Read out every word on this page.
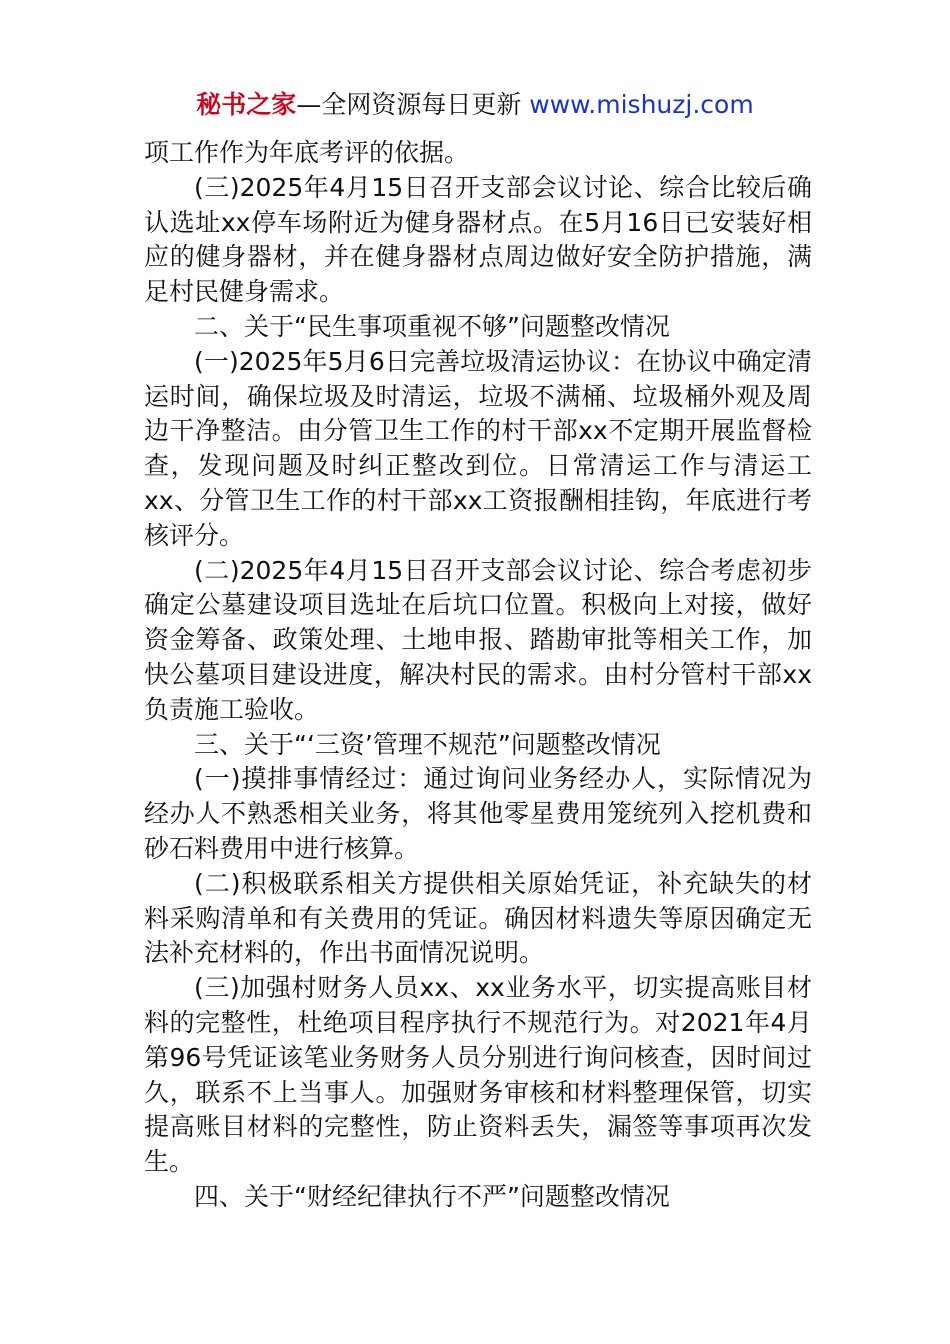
秘书之家—全网资源每日更新 www.mishuzj.com

项工作作为年底考评的依据。

(三)2025年4月15日召开支部会议讨论、综合比较后确认选址xx停车场附近为健身器材点。在5月16日已安装好相应的健身器材，并在健身器材点周边做好安全防护措施，满足村民健身需求。

二、关于“民生事项重视不够”问题整改情况

(一)2025年5月6日完善垃圾清运协议：在协议中确定清运时间，确保垃圾及时清运，垃圾不满桶、垃圾桶外观及周边干净整洁。由分管卫生工作的村干部xx不定期开展监督检查，发现问题及时纠正整改到位。日常清运工作与清运工xx、分管卫生工作的村干部xx工资报酬相挂钩，年底进行考核评分。

(二)2025年4月15日召开支部会议讨论、综合考虑初步确定公墓建设项目选址在后坑口位置。积极向上对接，做好资金筹备、政策处理、土地申报、踏勘审批等相关工作，加快公墓项目建设进度，解决村民的需求。由村分管村干部xx负责施工验收。

三、关于“‘三资’管理不规范”问题整改情况

(一)摸排事情经过：通过询问业务经办人，实际情况为经办人不熟悉相关业务，将其他零星费用笼统列入挖机费和砂石料费用中进行核算。

(二)积极联系相关方提供相关原始凭证，补充缺失的材料采购清单和有关费用的凭证。确因材料遗失等原因确定无法补充材料的，作出书面情况说明。

(三)加强村财务人员xx、xx业务水平，切实提高账目材料的完整性，杜绝项目程序执行不规范行为。对2021年4月第96号凭证该笔业务财务人员分别进行询问核查，因时间过久，联系不上当事人。加强财务审核和材料整理保管，切实提高账目材料的完整性，防止资料丢失，漏签等事项再次发生。

四、关于“财经纪律执行不严”问题整改情况
